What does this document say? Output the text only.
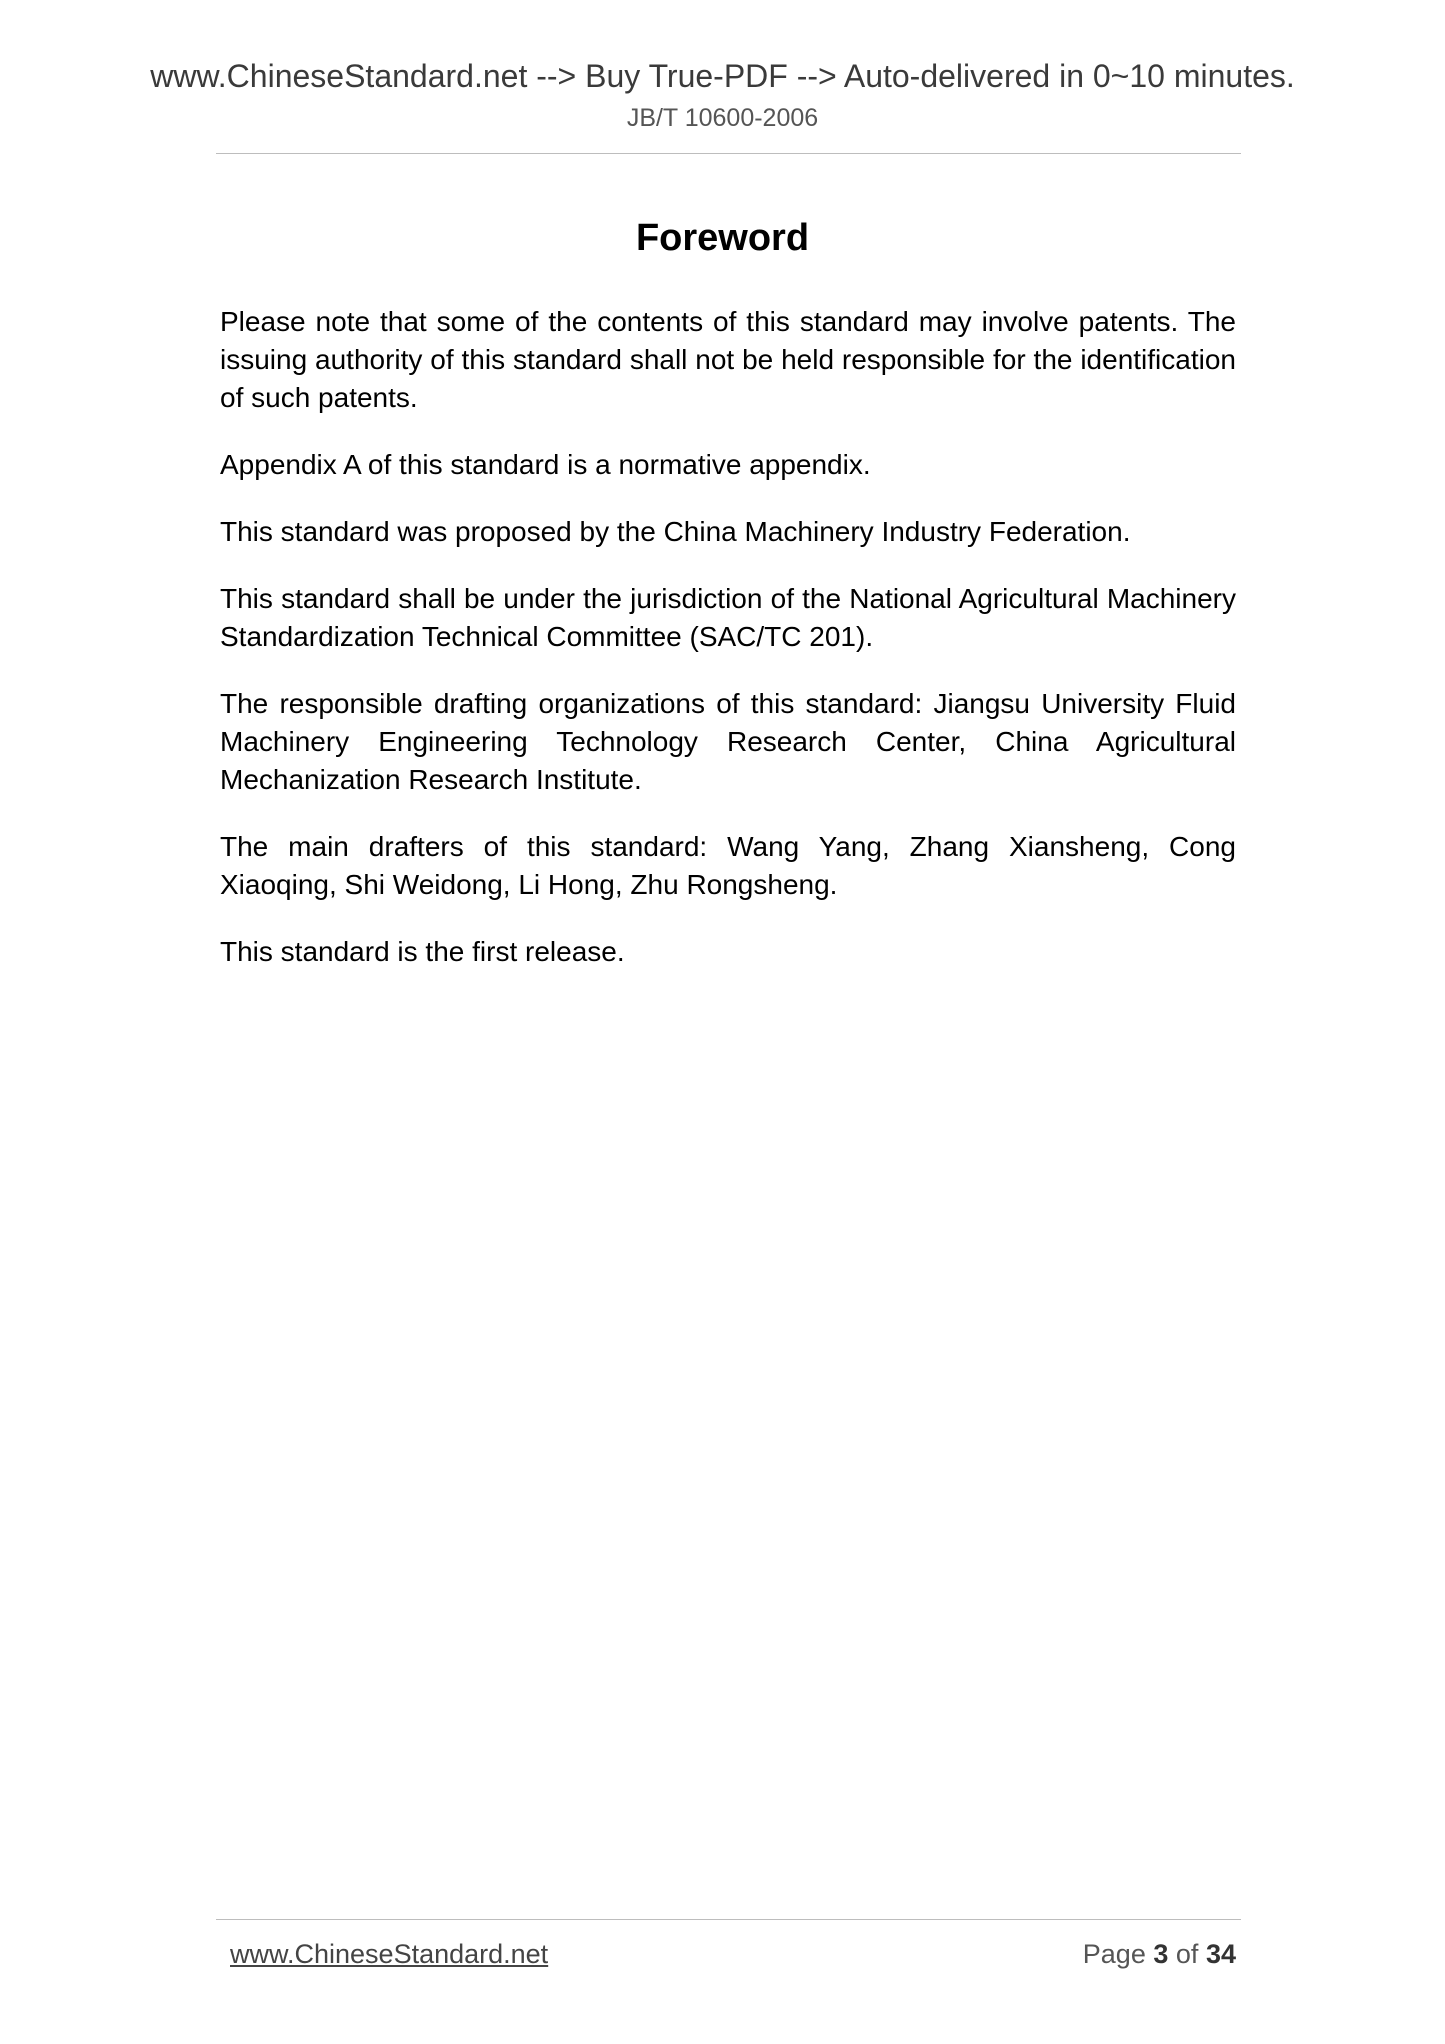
www.ChineseStandard.net --> Buy True-PDF --> Auto-delivered in 0~10 minutes.
JB/T 10600-2006
Foreword

Please note that some of the contents of this standard may involve patents. The issuing authority of this standard shall not be held responsible for the identification of such patents.

Appendix A of this standard is a normative appendix.

This standard was proposed by the China Machinery Industry Federation.

This standard shall be under the jurisdiction of the National Agricultural Machinery Standardization Technical Committee (SAC/TC 201).

The responsible drafting organizations of this standard: Jiangsu University Fluid Machinery Engineering Technology Research Center, China Agricultural Mechanization Research Institute.

The main drafters of this standard: Wang Yang, Zhang Xiansheng, Cong Xiaoqing, Shi Weidong, Li Hong, Zhu Rongsheng.

This standard is the first release.

www.ChineseStandard.net	Page 3 of 34
